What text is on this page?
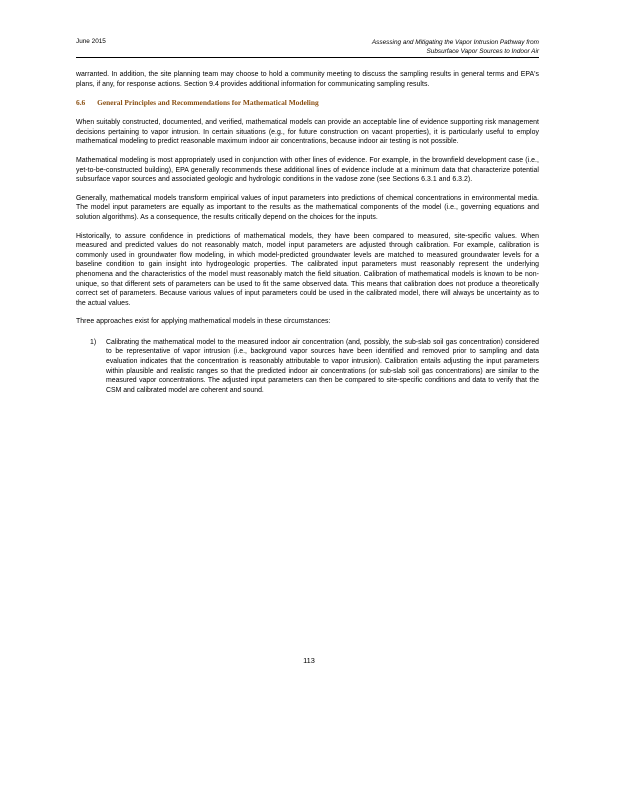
June 2015	Assessing and Mitigating the Vapor Intrusion Pathway from
Subsurface Vapor Sources to Indoor Air

warranted. In addition, the site planning team may choose to hold a community meeting to discuss the sampling results in general terms and EPA's plans, if any, for response actions. Section 9.4 provides additional information for communicating sampling results.

6.6 General Principles and Recommendations for Mathematical Modeling

When suitably constructed, documented, and verified, mathematical models can provide an acceptable line of evidence supporting risk management decisions pertaining to vapor intrusion. In certain situations (e.g., for future construction on vacant properties), it is particularly useful to employ mathematical modeling to predict reasonable maximum indoor air concentrations, because indoor air testing is not possible.

Mathematical modeling is most appropriately used in conjunction with other lines of evidence. For example, in the brownfield development case (i.e., yet-to-be-constructed building), EPA generally recommends these additional lines of evidence include at a minimum data that characterize potential subsurface vapor sources and associated geologic and hydrologic conditions in the vadose zone (see Sections 6.3.1 and 6.3.2).

Generally, mathematical models transform empirical values of input parameters into predictions of chemical concentrations in environmental media. The model input parameters are equally as important to the results as the mathematical components of the model (i.e., governing equations and solution algorithms). As a consequence, the results critically depend on the choices for the inputs.

Historically, to assure confidence in predictions of mathematical models, they have been compared to measured, site-specific values. When measured and predicted values do not reasonably match, model input parameters are adjusted through calibration. For example, calibration is commonly used in groundwater flow modeling, in which model-predicted groundwater levels are matched to measured groundwater levels for a baseline condition to gain insight into hydrogeologic properties. The calibrated input parameters must reasonably represent the underlying phenomena and the characteristics of the model must reasonably match the field situation. Calibration of mathematical models is known to be non-unique, so that different sets of parameters can be used to fit the same observed data. This means that calibration does not produce a theoretically correct set of parameters. Because various values of input parameters could be used in the calibrated model, there will always be uncertainty as to the actual values.

Three approaches exist for applying mathematical models in these circumstances:

1) Calibrating the mathematical model to the measured indoor air concentration (and, possibly, the sub-slab soil gas concentration) considered to be representative of vapor intrusion (i.e., background vapor sources have been identified and removed prior to sampling and data evaluation indicates that the concentration is reasonably attributable to vapor intrusion). Calibration entails adjusting the input parameters within plausible and realistic ranges so that the predicted indoor air concentrations (or sub-slab soil gas concentrations) are similar to the measured vapor concentrations. The adjusted input parameters can then be compared to site-specific conditions and data to verify that the CSM and calibrated model are coherent and sound.
113
